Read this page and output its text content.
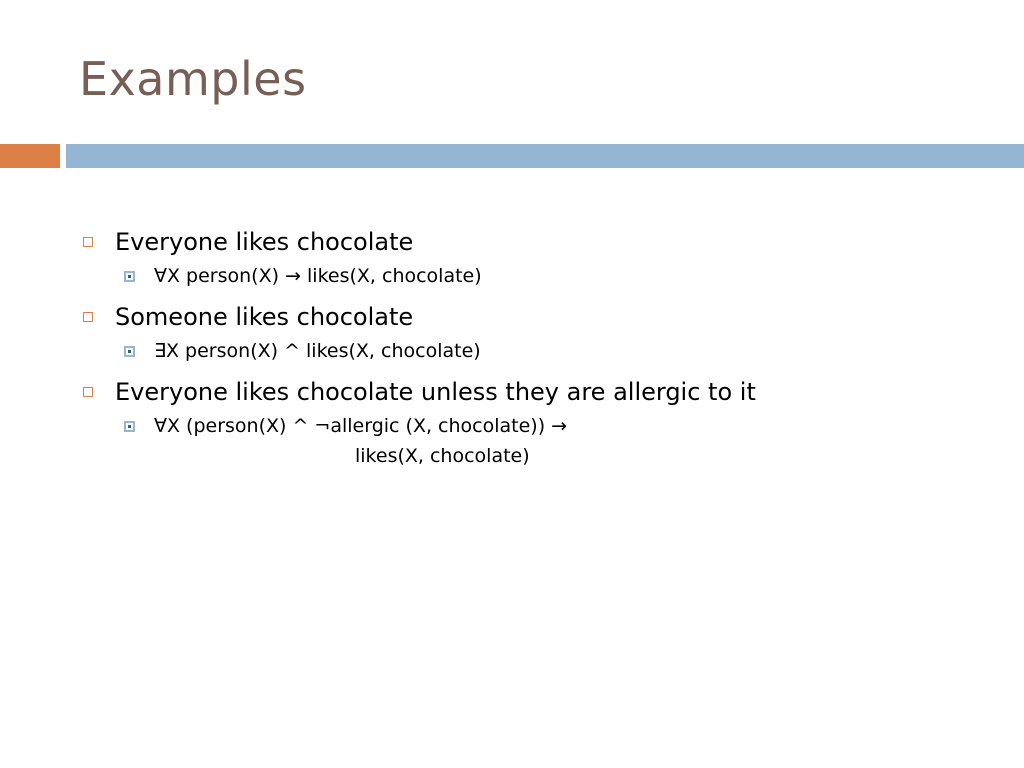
Examples
Everyone likes chocolate
∀X person(X) → likes(X, chocolate)
Someone likes chocolate
∃X person(X) ^ likes(X, chocolate)
Everyone likes chocolate unless they are allergic to it
∀X (person(X) ^ ¬allergic (X, chocolate)) →
likes(X, chocolate)
